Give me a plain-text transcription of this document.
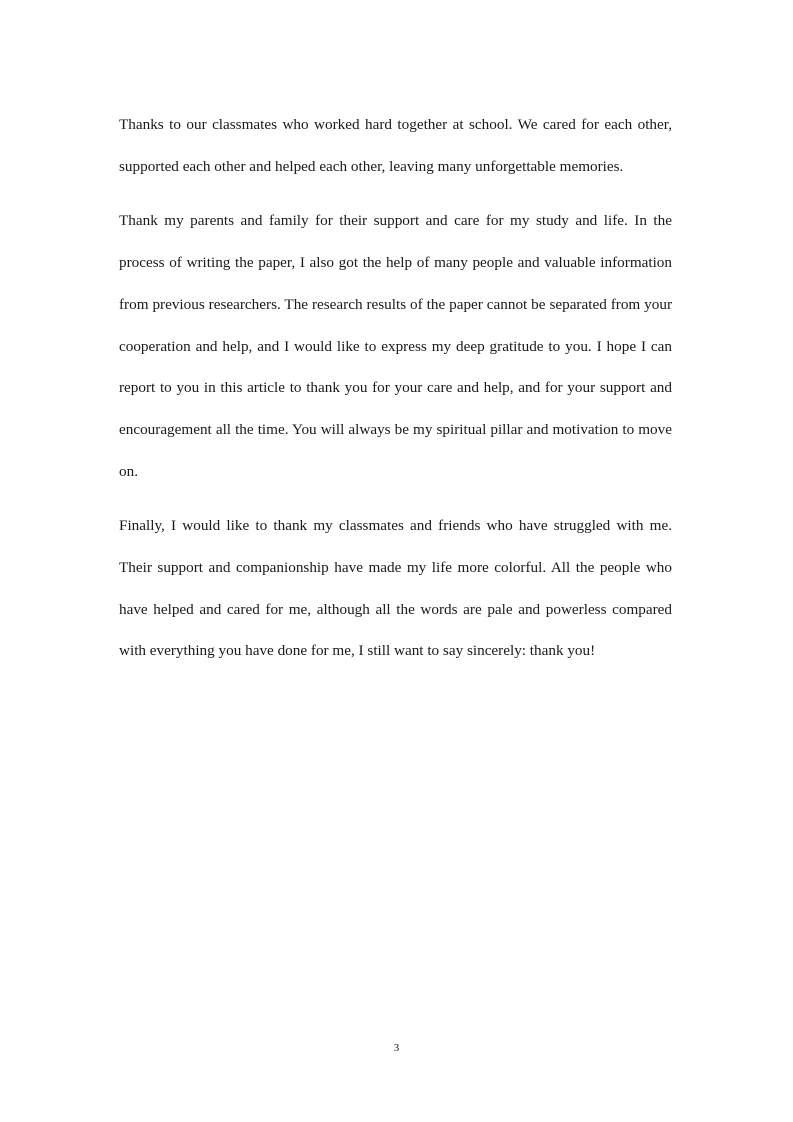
Thanks to our classmates who worked hard together at school. We cared for each other, supported each other and helped each other, leaving many unforgettable memories.

Thank my parents and family for their support and care for my study and life. In the process of writing the paper, I also got the help of many people and valuable information from previous researchers. The research results of the paper cannot be separated from your cooperation and help, and I would like to express my deep gratitude to you. I hope I can report to you in this article to thank you for your care and help, and for your support and encouragement all the time. You will always be my spiritual pillar and motivation to move on.

Finally, I would like to thank my classmates and friends who have struggled with me. Their support and companionship have made my life more colorful. All the people who have helped and cared for me, although all the words are pale and powerless compared with everything you have done for me, I still want to say sincerely: thank you!

3
